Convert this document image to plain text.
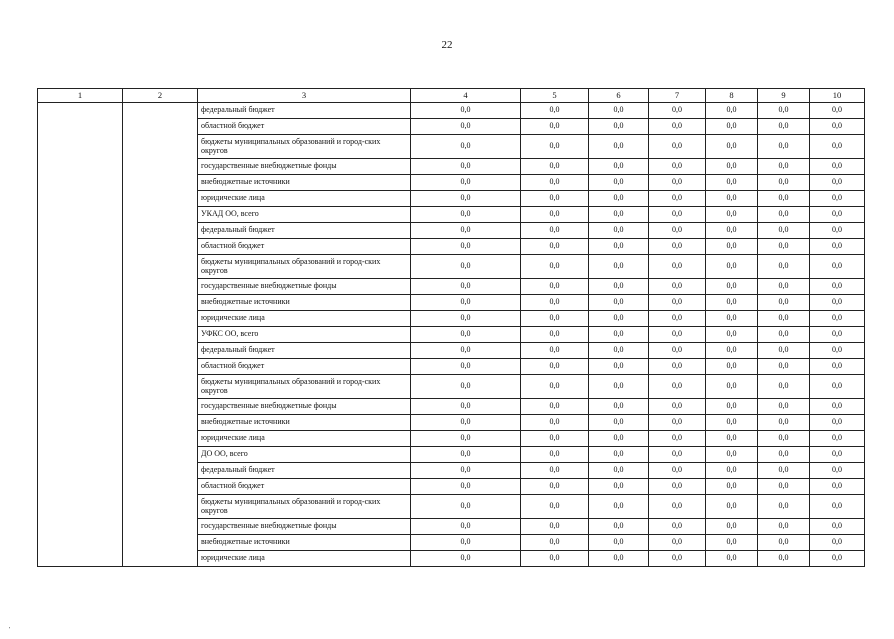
22
1	2	3	4	5	6	7	8	9	10
		федеральный бюджет	0,0	0,0	0,0	0,0	0,0	0,0	0,0
		областной бюджет	0,0	0,0	0,0	0,0	0,0	0,0	0,0
		бюджеты муниципальных образований и город-ских округов	0,0	0,0	0,0	0,0	0,0	0,0	0,0
		государственные внебюджетные фонды	0,0	0,0	0,0	0,0	0,0	0,0	0,0
		внебюджетные источники	0,0	0,0	0,0	0,0	0,0	0,0	0,0
		юридические лица	0,0	0,0	0,0	0,0	0,0	0,0	0,0
		УКАД ОО, всего	0,0	0,0	0,0	0,0	0,0	0,0	0,0
		федеральный бюджет	0,0	0,0	0,0	0,0	0,0	0,0	0,0
		областной бюджет	0,0	0,0	0,0	0,0	0,0	0,0	0,0
		бюджеты муниципальных образований и город-ских округов	0,0	0,0	0,0	0,0	0,0	0,0	0,0
		государственные внебюджетные фонды	0,0	0,0	0,0	0,0	0,0	0,0	0,0
		внебюджетные источники	0,0	0,0	0,0	0,0	0,0	0,0	0,0
		юридические лица	0,0	0,0	0,0	0,0	0,0	0,0	0,0
		УФКС ОО, всего	0,0	0,0	0,0	0,0	0,0	0,0	0,0
		федеральный бюджет	0,0	0,0	0,0	0,0	0,0	0,0	0,0
		областной бюджет	0,0	0,0	0,0	0,0	0,0	0,0	0,0
		бюджеты муниципальных образований и город-ских округов	0,0	0,0	0,0	0,0	0,0	0,0	0,0
		государственные внебюджетные фонды	0,0	0,0	0,0	0,0	0,0	0,0	0,0
		внебюджетные источники	0,0	0,0	0,0	0,0	0,0	0,0	0,0
		юридические лица	0,0	0,0	0,0	0,0	0,0	0,0	0,0
		ДО ОО, всего	0,0	0,0	0,0	0,0	0,0	0,0	0,0
		федеральный бюджет	0,0	0,0	0,0	0,0	0,0	0,0	0,0
		областной бюджет	0,0	0,0	0,0	0,0	0,0	0,0	0,0
		бюджеты муниципальных образований и город-ских округов	0,0	0,0	0,0	0,0	0,0	0,0	0,0
		государственные внебюджетные фонды	0,0	0,0	0,0	0,0	0,0	0,0	0,0
		внебюджетные источники	0,0	0,0	0,0	0,0	0,0	0,0	0,0
		юридические лица	0,0	0,0	0,0	0,0	0,0	0,0	0,0
'
